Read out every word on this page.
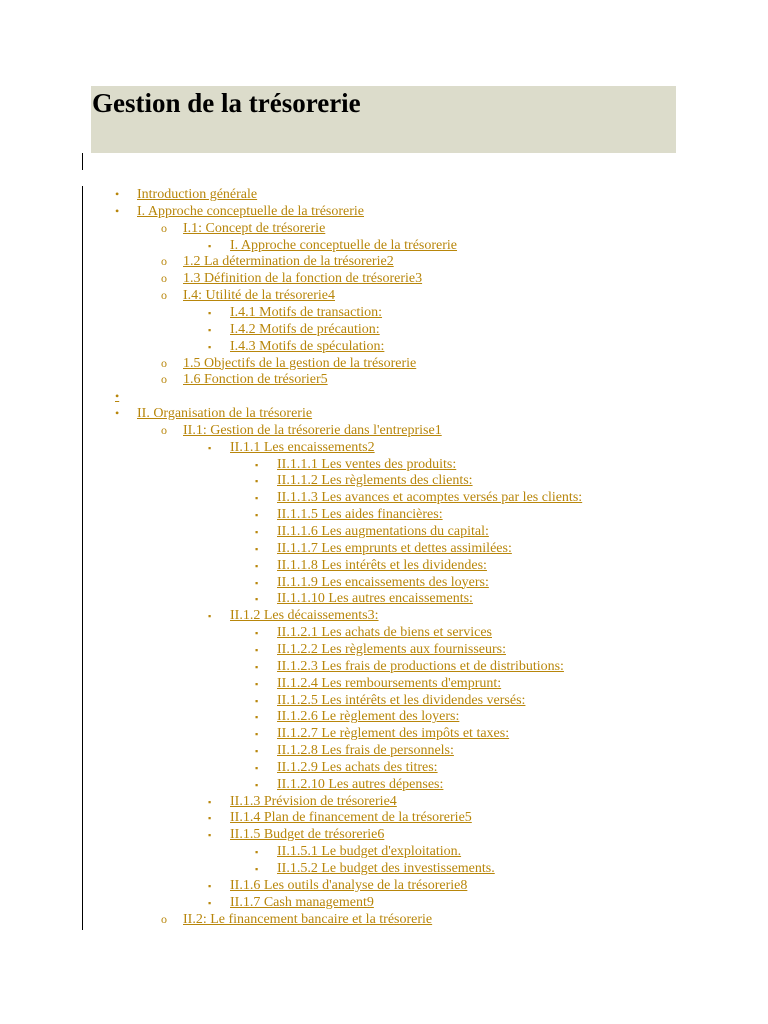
Gestion de la trésorerie
• Introduction générale
• I. Approche conceptuelle de la trésorerie
o I.1: Concept de trésorerie
▪ I. Approche conceptuelle de la trésorerie
o 1.2 La détermination de la trésorerie2
o 1.3 Définition de la fonction de trésorerie3
o I.4: Utilité de la trésorerie4
▪ I.4.1 Motifs de transaction:
▪ I.4.2 Motifs de précaution:
▪ I.4.3 Motifs de spéculation:
o 1.5 Objectifs de la gestion de la trésorerie
o 1.6 Fonction de trésorier5
•
• II. Organisation de la trésorerie
o II.1: Gestion de la trésorerie dans l'entreprise1
▪ II.1.1 Les encaissements2
▪ II.1.1.1 Les ventes des produits:
▪ II.1.1.2 Les règlements des clients:
▪ II.1.1.3 Les avances et acomptes versés par les clients:
▪ II.1.1.5 Les aides financières:
▪ II.1.1.6 Les augmentations du capital:
▪ II.1.1.7 Les emprunts et dettes assimilées:
▪ II.1.1.8 Les intérêts et les dividendes:
▪ II.1.1.9 Les encaissements des loyers:
▪ II.1.1.10 Les autres encaissements:
▪ II.1.2 Les décaissements3:
▪ II.1.2.1 Les achats de biens et services
▪ II.1.2.2 Les règlements aux fournisseurs:
▪ II.1.2.3 Les frais de productions et de distributions:
▪ II.1.2.4 Les remboursements d'emprunt:
▪ II.1.2.5 Les intérêts et les dividendes versés:
▪ II.1.2.6 Le règlement des loyers:
▪ II.1.2.7 Le règlement des impôts et taxes:
▪ II.1.2.8 Les frais de personnels:
▪ II.1.2.9 Les achats des titres:
▪ II.1.2.10 Les autres dépenses:
▪ II.1.3 Prévision de trésorerie4
▪ II.1.4 Plan de financement de la trésorerie5
▪ II.1.5 Budget de trésorerie6
▪ II.1.5.1 Le budget d'exploitation.
▪ II.1.5.2 Le budget des investissements.
▪ II.1.6 Les outils d'analyse de la trésorerie8
▪ II.1.7 Cash management9
o II.2: Le financement bancaire et la trésorerie
